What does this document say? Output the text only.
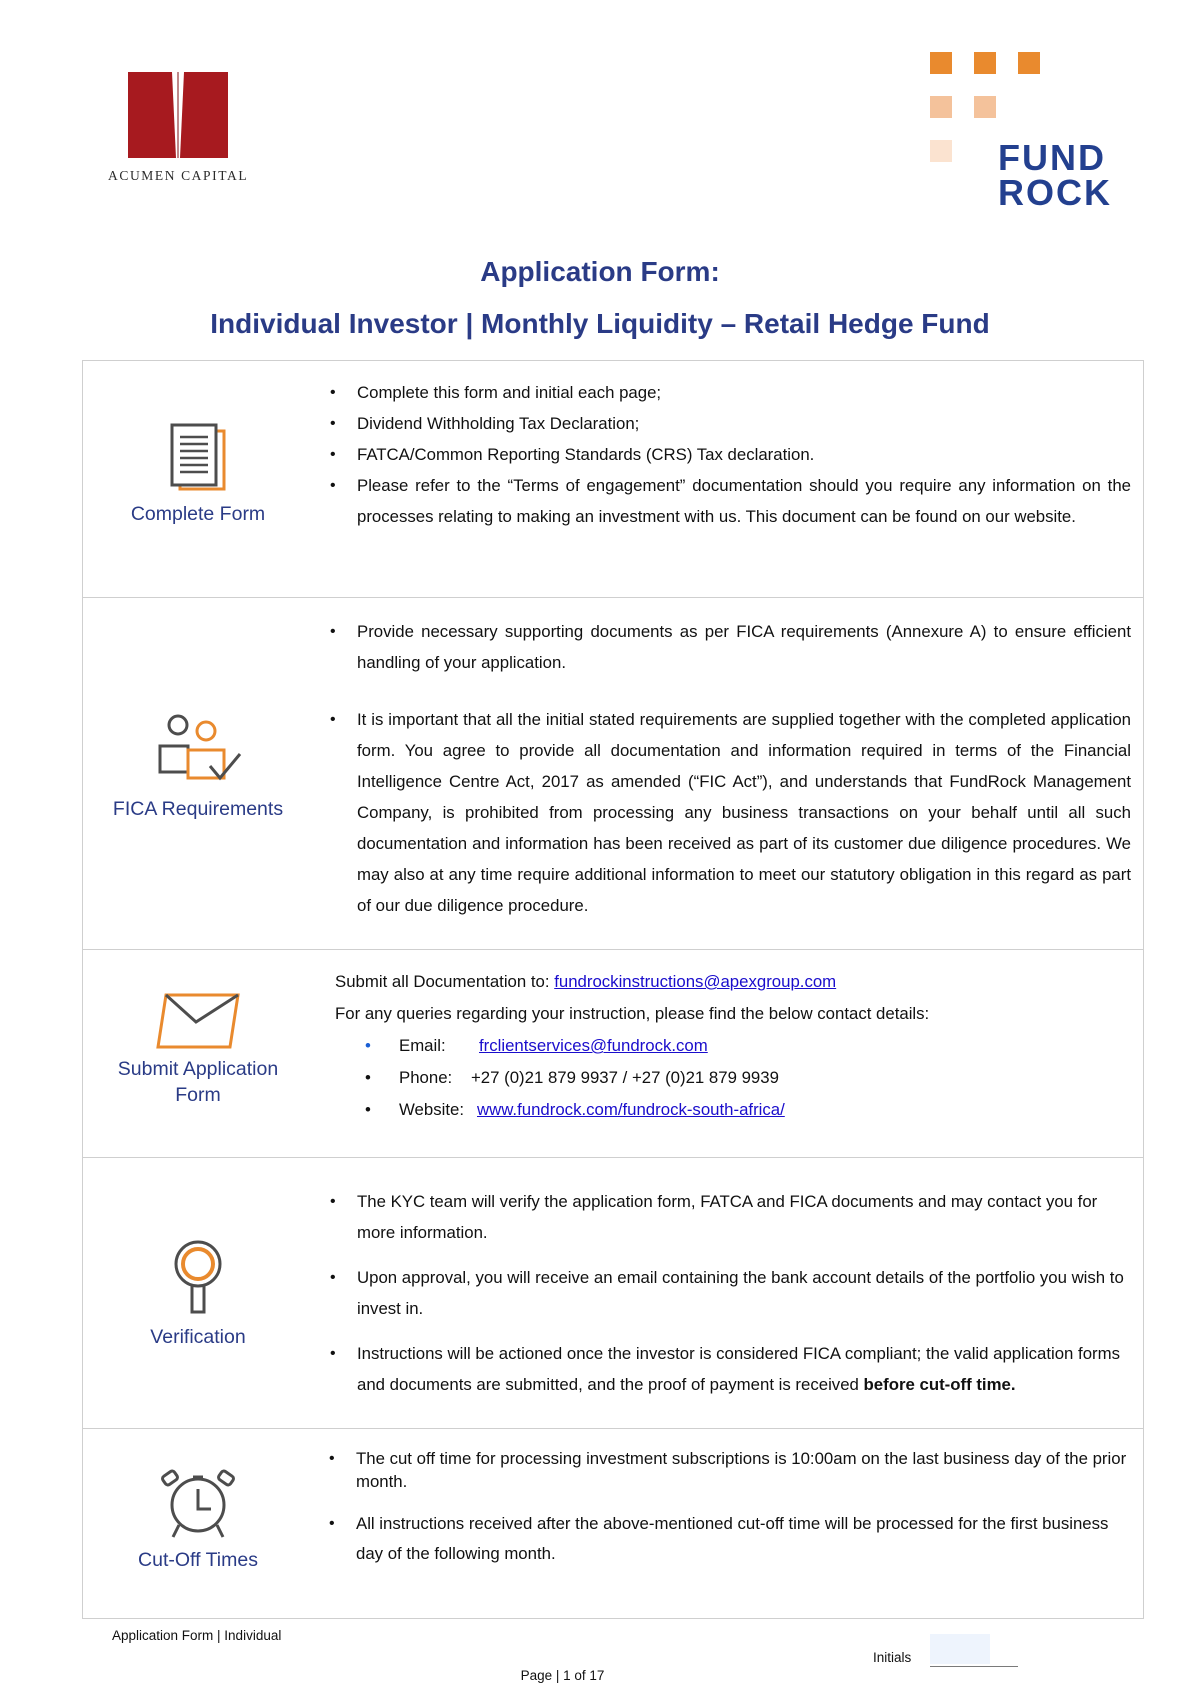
ACUMEN CAPITAL	FUND
ROCK
Application Form:
Individual Investor | Monthly Liquidity – Retail Hedge Fund
Complete Form
• Complete this form and initial each page;
• Dividend Withholding Tax Declaration;
• FATCA/Common Reporting Standards (CRS) Tax declaration.
• Please refer to the “Terms of engagement” documentation should you require any information on the processes relating to making an investment with us. This document can be found on our website.
FICA Requirements
• Provide necessary supporting documents as per FICA requirements (Annexure A) to ensure efficient handling of your application.
• It is important that all the initial stated requirements are supplied together with the completed application form. You agree to provide all documentation and information required in terms of the Financial Intelligence Centre Act, 2017 as amended (“FIC Act”), and understands that FundRock Management Company, is prohibited from processing any business transactions on your behalf until all such documentation and information has been received as part of its customer due diligence procedures. We may also at any time require additional information to meet our statutory obligation in this regard as part of our due diligence procedure.
Submit Application
Form
Submit all Documentation to: fundrockinstructions@apexgroup.com
For any queries regarding your instruction, please find the below contact details:
• Email: frclientservices@fundrock.com
• Phone: +27 (0)21 879 9937 / +27 (0)21 879 9939
• Website: www.fundrock.com/fundrock-south-africa/
Verification
• The KYC team will verify the application form, FATCA and FICA documents and may contact you for more information.
• Upon approval, you will receive an email containing the bank account details of the portfolio you wish to invest in.
• Instructions will be actioned once the investor is considered FICA compliant; the valid application forms and documents are submitted, and the proof of payment is received before cut-off time.
Cut-Off Times
• The cut off time for processing investment subscriptions is 10:00am on the last business day of the prior month.
• All instructions received after the above-mentioned cut-off time will be processed for the first business day of the following month.
Application Form | Individual
Initials
Page | 1 of 17
